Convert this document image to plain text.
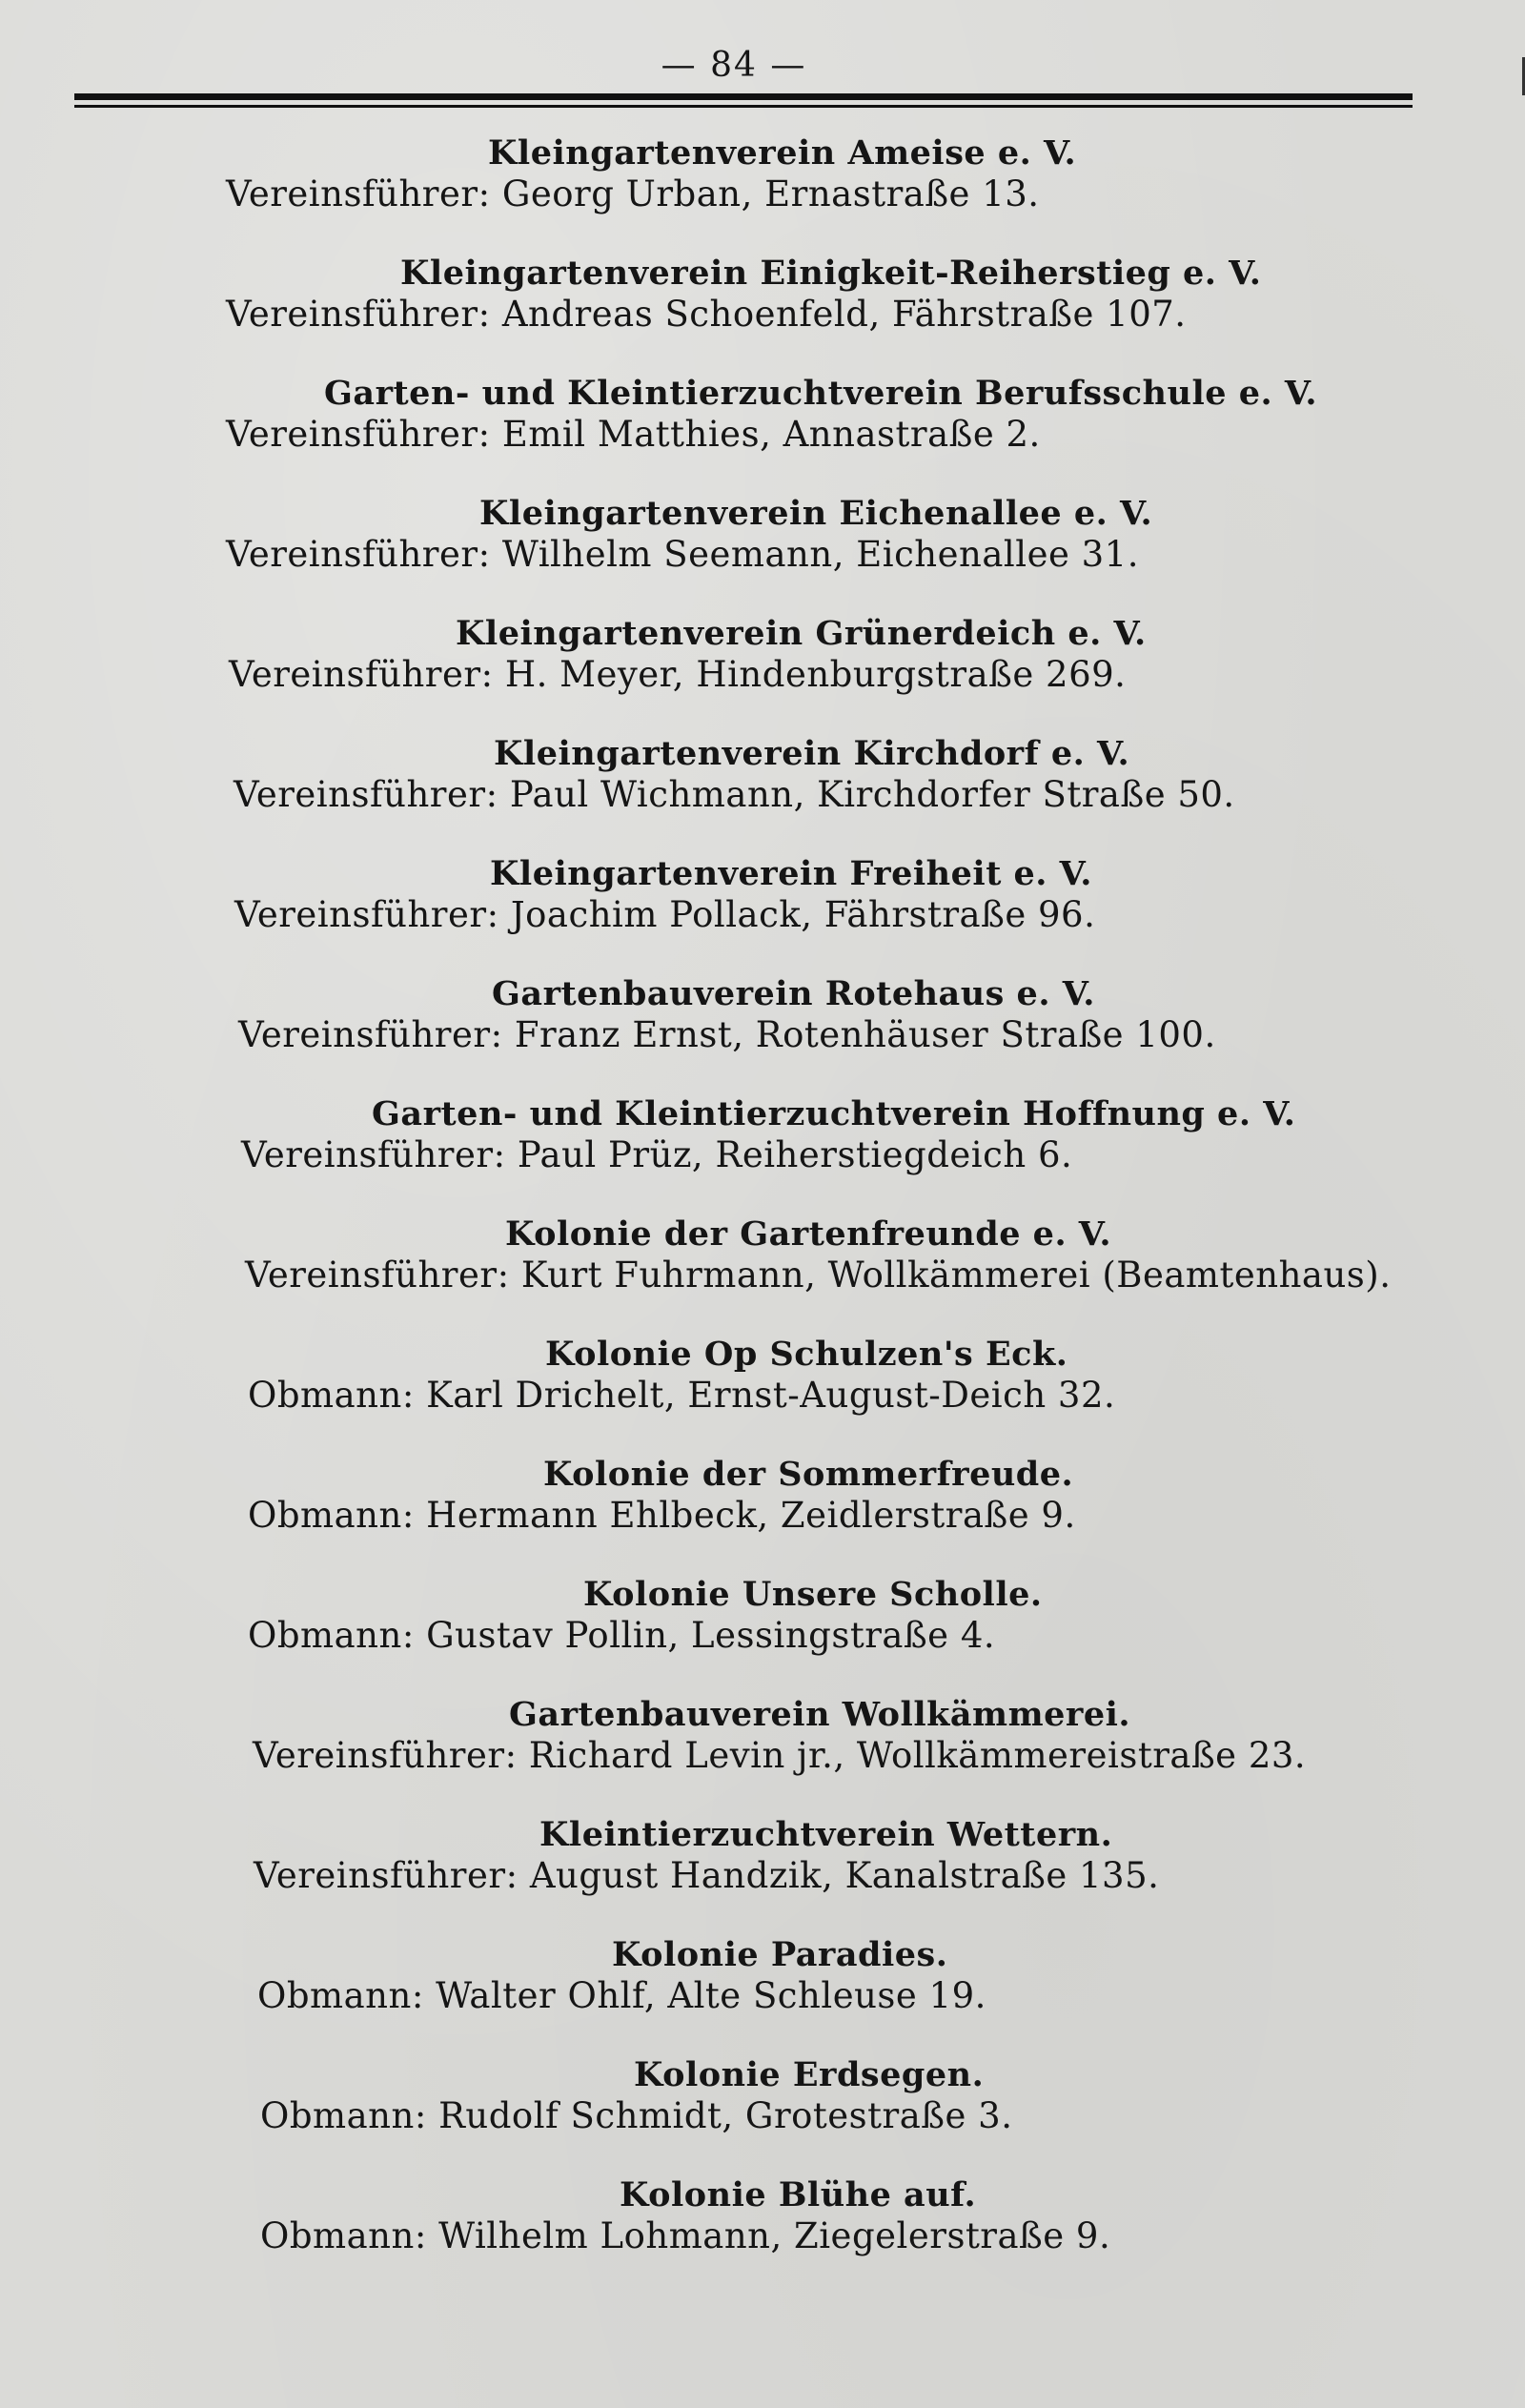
— 84 —
Kleingartenverein Ameise e. V.
Vereinsführer: Georg Urban, Ernastraße 13.
Kleingartenverein Einigkeit-Reiherstieg e. V.
Vereinsführer: Andreas Schoenfeld, Fährstraße 107.
Garten- und Kleintierzuchtverein Berufsschule e. V.
Vereinsführer: Emil Matthies, Annastraße 2.
Kleingartenverein Eichenallee e. V.
Vereinsführer: Wilhelm Seemann, Eichenallee 31.
Kleingartenverein Grünerdeich e. V.
Vereinsführer: H. Meyer, Hindenburgstraße 269.
Kleingartenverein Kirchdorf e. V.
Vereinsführer: Paul Wichmann, Kirchdorfer Straße 50.
Kleingartenverein Freiheit e. V.
Vereinsführer: Joachim Pollack, Fährstraße 96.
Gartenbauverein Rotehaus e. V.
Vereinsführer: Franz Ernst, Rotenhäuser Straße 100.
Garten- und Kleintierzuchtverein Hoffnung e. V.
Vereinsführer: Paul Prüz, Reiherstiegdeich 6.
Kolonie der Gartenfreunde e. V.
Vereinsführer: Kurt Fuhrmann, Wollkämmerei (Beamtenhaus).
Kolonie Op Schulzen's Eck.
Obmann: Karl Drichelt, Ernst-August-Deich 32.
Kolonie der Sommerfreude.
Obmann: Hermann Ehlbeck, Zeidlerstraße 9.
Kolonie Unsere Scholle.
Obmann: Gustav Pollin, Lessingstraße 4.
Gartenbauverein Wollkämmerei.
Vereinsführer: Richard Levin jr., Wollkämmereistraße 23.
Kleintierzuchtverein Wettern.
Vereinsführer: August Handzik, Kanalstraße 135.
Kolonie Paradies.
Obmann: Walter Ohlf, Alte Schleuse 19.
Kolonie Erdsegen.
Obmann: Rudolf Schmidt, Grotestraße 3.
Kolonie Blühe auf.
Obmann: Wilhelm Lohmann, Ziegelerstraße 9.
